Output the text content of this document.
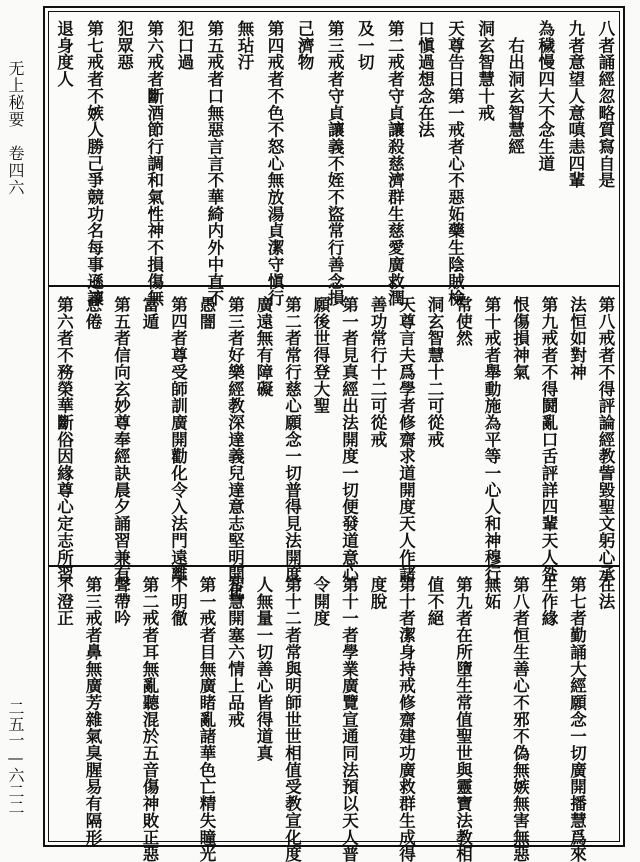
无上秘要　卷四六
二五一—六二二
八者誦經忽略質寫自是
九者意望人意嗔恚四輩
為穢慢四大不念生道
　右出洞玄智慧經
洞玄智慧十戒
天尊告日第一戒者心不惡妬藥生陰賊檢
口愼過想念在法
第二戒者守貞讓殺慈濟群生慈愛廣救潤
及一切
第三戒者守貞讓義不姪不盜常行善念損
己濟物
第四戒者不色不怒心無放湯貞潔守愼行
無玷汙
第五戒者口無惡言言不華綺内外中直不
犯口過
第六戒者斷酒節行調和氣性神不損傷無
犯眾惡
第七戒者不嫉人勝己爭競功名每事遜讓
退身度人
第八戒者不得評論經教訾毀聖文躬心承
法恒如對神
第九戒者不得鬪亂口舌評詳四輩天人咎
恨傷損神氣
第十戒者舉動施為平等一心人和神穆行
常使然
洞玄智慧十二可從戒
天尊言夫爲學者修齋求道開度天人作諸
善功常行十二可從戒
第一者見真經出法開度一切便發道意心
願後世得登大聖
第二者常行慈心願念一切普得見法開度
廣遠無有障礙
第三者好樂經教深達義兒達意志堅明開化
愚闇
第四者尊受師訓廣開勸化令入法門遠離
富遁
第五者信向玄妙尊奉經訣晨夕誦習兼有
怠倦
第六者不務榮華斷俗因緣尊心定志所習
在法
第七者勤誦大經願念一切廣開播慧爲來
生作緣
第八者恒生善心不邪不偽無嫉無害無惡
無妬
第九者在所墮生常值聖世與靈寶法教相
值不絕
第十者潔身持戒修齋建功廣救群生成得
度脫
第十一者學業廣覽宣通同法預以天人普
令開度
第十二者常與明師世世相值受教宣化度
人無量一切善心皆得道真
智慧開塞六情上品戒
第一戒者目無廣睹亂諸華色亡精失瞳光
不明徹
第二戒者耳無亂聽混於五音傷神敗正惡
聲帶吟
第三戒者鼻無廣芳雜氣臭腥易有隔形
不澄正
